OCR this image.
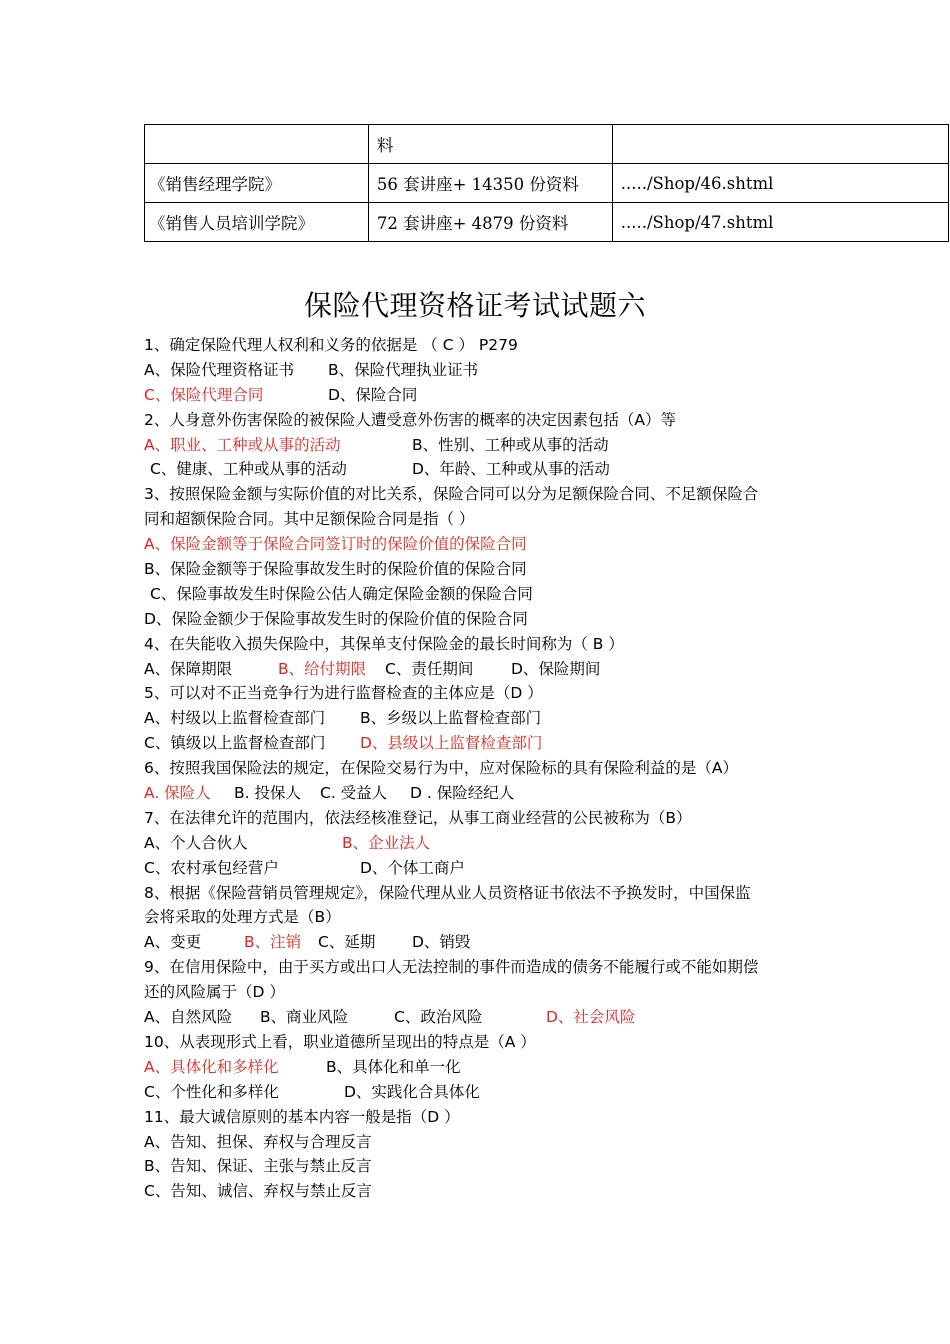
	料	
《销售经理学院》	56 套讲座+ 14350 份资料	...../Shop/46.shtml
《销售人员培训学院》	72 套讲座+ 4879 份资料	...../Shop/47.shtml
保险代理资格证考试试题六
1、确定保险代理人权利和义务的依据是 （ C ） P279
A、保险代理资格证书 B、保险代理执业证书
C、保险代理合同	D、保险合同
2、人身意外伤害保险的被保险人遭受意外伤害的概率的决定因素包括（A）等
A、职业、工种或从事的活动	B、性别、工种或从事的活动
C、健康、工种或从事的活动	D、年龄、工种或从事的活动
3、按照保险金额与实际价值的对比关系，保险合同可以分为足额保险合同、不足额保险合
同和超额保险合同。其中足额保险合同是指（ ）
A、保险金额等于保险合同签订时的保险价值的保险合同
B、保险金额等于保险事故发生时的保险价值的保险合同
C、保险事故发生时保险公估人确定保险金额的保险合同
D、保险金额少于保险事故发生时的保险价值的保险合同
4、在失能收入损失保险中，其保单支付保险金的最长时间称为（ B ）
A、保障期限	B、给付期限 C、责任期间 D、保险期间
5、可以对不正当竞争行为进行监督检查的主体应是（D ）
A、村级以上监督检查部门 B、乡级以上监督检查部门
C、镇级以上监督检查部门 D、县级以上监督检查部门
6、按照我国保险法的规定，在保险交易行为中，应对保险标的具有保险利益的是（A）
A. 保险人 B. 投保人 C. 受益人 D . 保险经纪人
7、在法律允许的范围内，依法经核准登记，从事工商业经营的公民被称为（B）
A、个人合伙人	B、企业法人
C、农村承包经营户	D、个体工商户
8、根据《保险营销员管理规定》，保险代理从业人员资格证书依法不予换发时，中国保监
会将采取的处理方式是（B）
A、变更	B、注销 C、延期 D、销毁
9、在信用保险中，由于买方或出口人无法控制的事件而造成的债务不能履行或不能如期偿
还的风险属于（D ）
A、自然风险 B、商业风险	C、政治风险	D、社会风险
10、从表现形式上看，职业道德所呈现出的特点是（A ）
A、具体化和多样化	B、具体化和单一化
C、个性化和多样化	D、实践化合具体化
11、最大诚信原则的基本内容一般是指（D ）
A、告知、担保、弃权与合理反言
B、告知、保证、主张与禁止反言
C、告知、诚信、弃权与禁止反言
